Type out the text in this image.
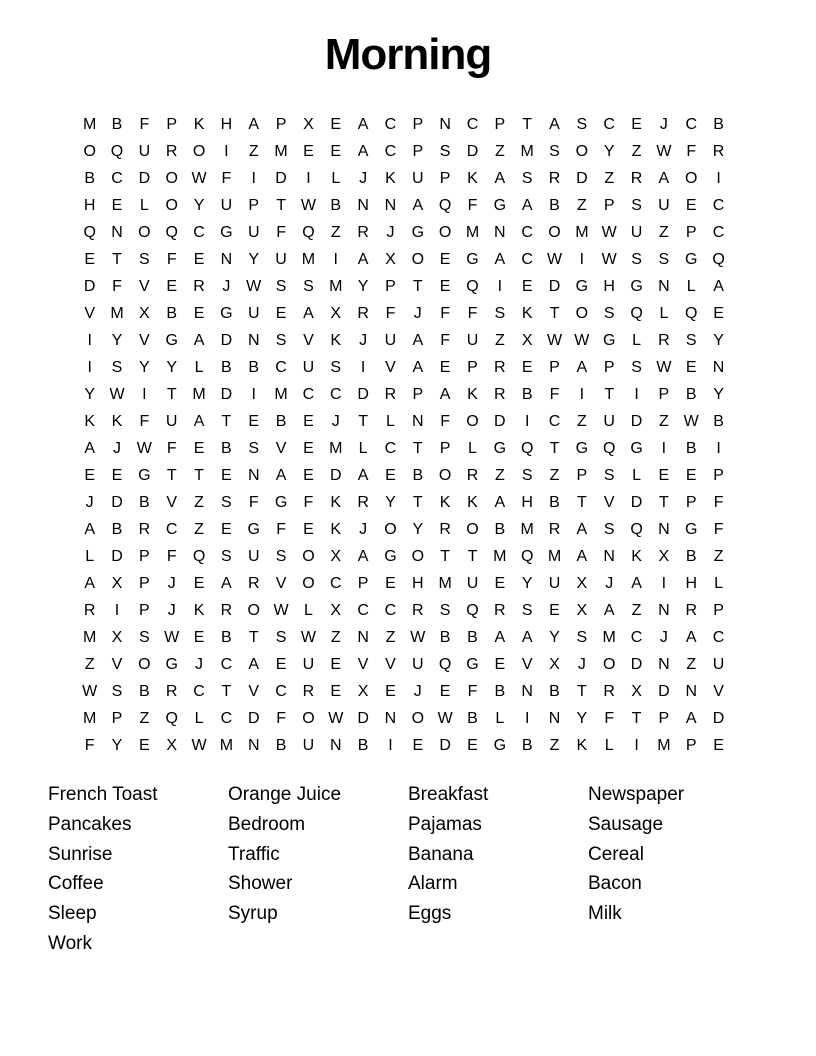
Morning
M B	F	P	K	H	A	P	X	E	A	C	P	N C	P	T	A	S	C	E	J	C	B
O Q U R O	I	Z M E	E	A	C	P	S	D	Z M S O Y	Z W F	R
B	C D O W F	I	D	I	L	J	K	U	P	K	A	S	R D	Z	R	A O	I
H	E	L	O Y	U	P	T W B	N N	A Q	F	G A	B	Z	P	S	U	E	C
Q N O Q C G U	F	Q	Z	R	J	G O M N C O M W U	Z	P	C
E	T	S	F	E	N	Y	U M	I	A	X O E G A	C W	I	W S	S G Q
D	F	V	E	R	J W S	S M Y	P	T	E Q	I	E	D G H G N	L	A
V M X	B	E G U	E	A	X	R	F	J	F	F	S	K	T	O S Q	L	Q E
I	Y	V G A	D N	S	V	K	J	U	A	F	U	Z	X W W G	L	R	S	Y
I	S	Y	Y	L	B	B	C U	S	I	V	A	E	P	R	E	P	A	P	S W E	N
Y W	I	T M D	I	M C C D R	P	A	K	R	B	F	I	T	I	P	B	Y
K	K	F	U	A	T	E	B	E	J	T	L	N	F	O D	I	C	Z	U D	Z W B
A	J W F	E	B	S	V	E M	L	C	T	P	L	G Q	T	G Q G	I	B	I
E	E G	T	T	E	N	A	E	D	A	E	B O R	Z	S	Z	P	S	L	E	E	P
J	D	B	V	Z	S	F	G	F	K	R	Y	T	K	K	A	H	B	T	V	D	T	P	F
A	B	R C	Z	E G	F	E	K	J	O Y	R O B M R	A	S Q N G	F
L	D	P	F	Q S	U	S O X	A G O	T	T M Q M A	N	K	X	B	Z
A	X	P	J	E	A	R	V O C	P	E	H M U	E	Y	U	X	J	A	I	H	L
R	I	P	J	K	R O W L	X	C C R	S Q R	S	E	X	A	Z	N R	P
M X	S W E	B	T	S W Z	N	Z W B	B	A	A	Y	S M C	J	A	C
Z	V O G	J	C	A	E	U	E	V	V	U Q G E	V	X	J	O D N	Z	U
W S	B	R C	T	V	C R	E	X	E	J	E	F	B	N	B	T	R	X	D N	V
M P	Z	Q	L	C D	F	O W D N O W B	L	I	N	Y	F	T	P	A	D
F	Y	E	X W M N	B	U N	B	I	E	D	E G B	Z	K	L	I	M P	E
French Toast
Pancakes
Sunrise
Coffee
Sleep
Work
Orange Juice
Bedroom
Traffic
Shower
Syrup
Breakfast
Pajamas
Banana
Alarm
Eggs
Newspaper
Sausage
Cereal
Bacon
Milk
